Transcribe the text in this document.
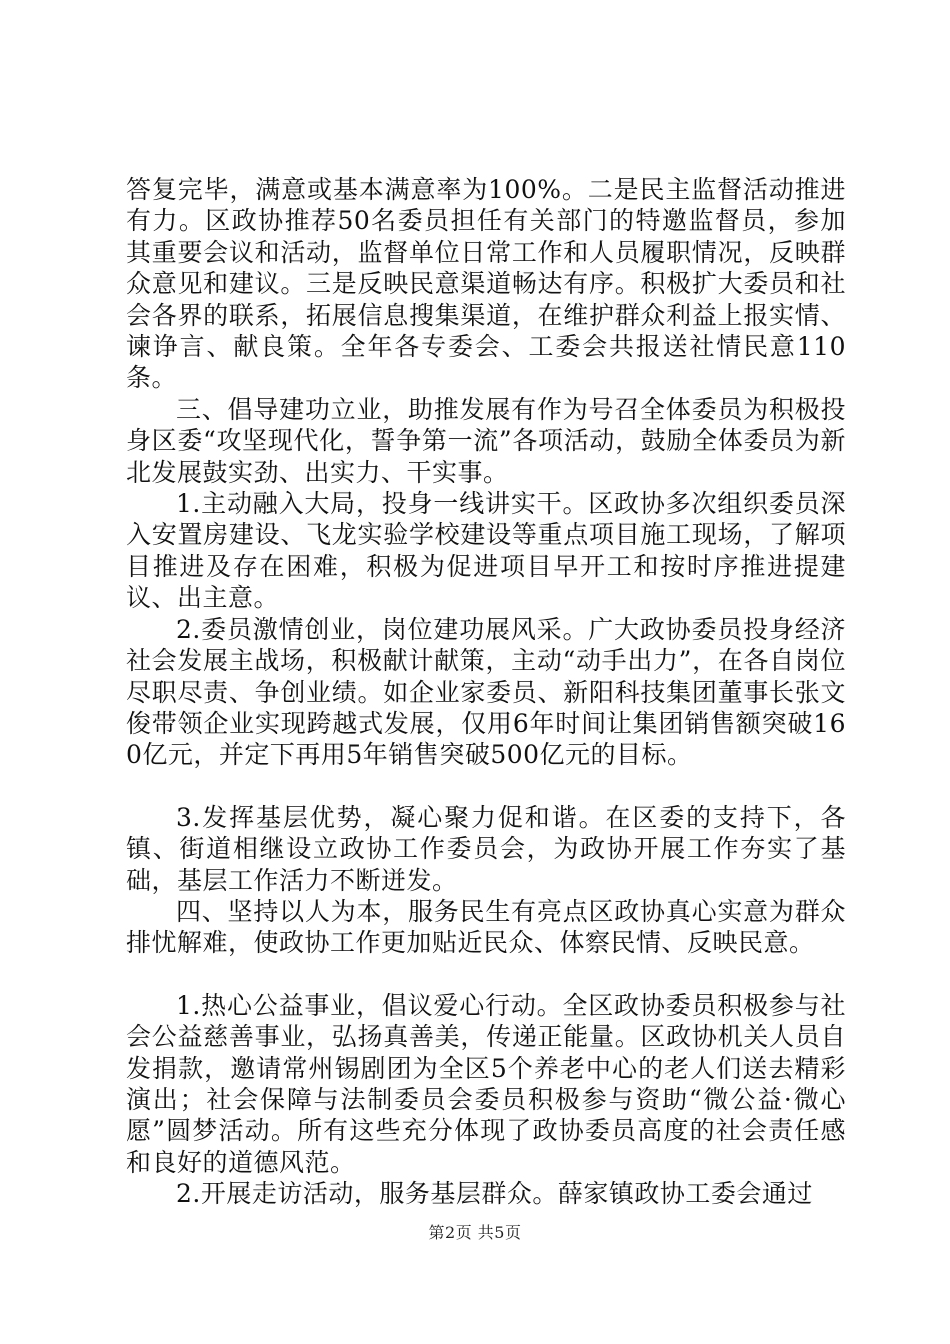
答复完毕，满意或基本满意率为100%。二是民主监督活动推进有力。区政协推荐50名委员担任有关部门的特邀监督员，参加其重要会议和活动，监督单位日常工作和人员履职情况，反映群众意见和建议。三是反映民意渠道畅达有序。积极扩大委员和社会各界的联系，拓展信息搜集渠道，在维护群众利益上报实情、谏诤言、献良策。全年各专委会、工委会共报送社情民意110条。

三、倡导建功立业，助推发展有作为号召全体委员为积极投身区委“攻坚现代化，誓争第一流”各项活动，鼓励全体委员为新北发展鼓实劲、出实力、干实事。

1.主动融入大局，投身一线讲实干。区政协多次组织委员深入安置房建设、飞龙实验学校建设等重点项目施工现场，了解项目推进及存在困难，积极为促进项目早开工和按时序推进提建议、出主意。

2.委员激情创业，岗位建功展风采。广大政协委员投身经济社会发展主战场，积极献计献策，主动“动手出力”，在各自岗位尽职尽责、争创业绩。如企业家委员、新阳科技集团董事长张文俊带领企业实现跨越式发展，仅用6年时间让集团销售额突破160亿元，并定下再用5年销售突破500亿元的目标。

3.发挥基层优势，凝心聚力促和谐。在区委的支持下，各镇、街道相继设立政协工作委员会，为政协开展工作夯实了基础，基层工作活力不断迸发。

四、坚持以人为本，服务民生有亮点区政协真心实意为群众排忧解难，使政协工作更加贴近民众、体察民情、反映民意。

1.热心公益事业，倡议爱心行动。全区政协委员积极参与社会公益慈善事业，弘扬真善美，传递正能量。区政协机关人员自发捐款，邀请常州锡剧团为全区5个养老中心的老人们送去精彩演出；社会保障与法制委员会委员积极参与资助“微公益·微心愿”圆梦活动。所有这些充分体现了政协委员高度的社会责任感和良好的道德风范。

2.开展走访活动，服务基层群众。薛家镇政协工委会通过

第2页 共5页
